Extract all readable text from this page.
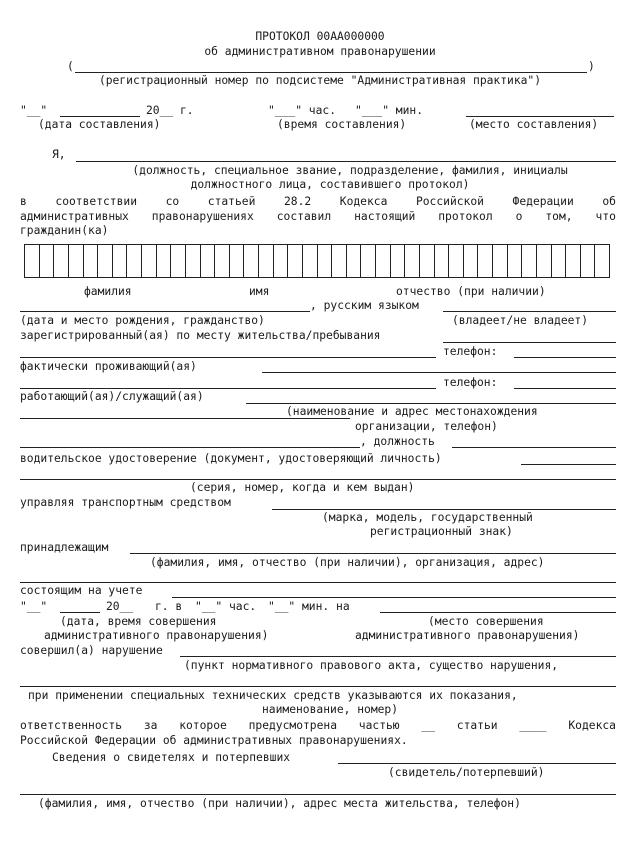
ПРОТОКОЛ 00АА000000
об административном правонарушении
(	)
(регистрационный номер по подсистеме "Административная практика")
"__"	20__ г.	"___" час. "___" мин.
(дата составления)	(время составления)	(место составления)
Я,
(должность, специальное звание, подразделение, фамилия, инициалы
должностного лица, составившего протокол)
в	соответствии	со	статьей	28.2	Кодекса	Российской	Федерации	об
административных правонарушениях составил настоящий протокол о том, что
гражданин(ка)
фамилия	имя	отчество (при наличии)
, русским языком
(дата и место рождения, гражданство)	(владеет/не владеет)
зарегистрированный(ая) по месту жительства/пребывания
телефон:
фактически проживающий(ая)
телефон:
работающий(ая)/служащий(ая)
(наименование и адрес местонахождения
организации, телефон)
, должность
водительское удостоверение (документ, удостоверяющий личность)
(серия, номер, когда и кем выдан)
управляя транспортным средством
(марка, модель, государственный
регистрационный знак)
принадлежащим
(фамилия, имя, отчество (при наличии), организация, адрес)
состоящим на учете
"__"	20__ г. в "__" час. "__" мин. на
(дата, время совершения
административного правонарушения)
(место совершения
административного правонарушения)
совершил(а) нарушение
(пункт нормативного правового акта, существо нарушения,
при применении специальных технических средств указываются их показания,
наименование, номер)
ответственность за которое предусмотрена частью __ статьи ____ Кодекса
Российской Федерации об административных правонарушениях.
Сведения о свидетелях и потерпевших
(свидетель/потерпевший)
(фамилия, имя, отчество (при наличии), адрес места жительства, телефон)
